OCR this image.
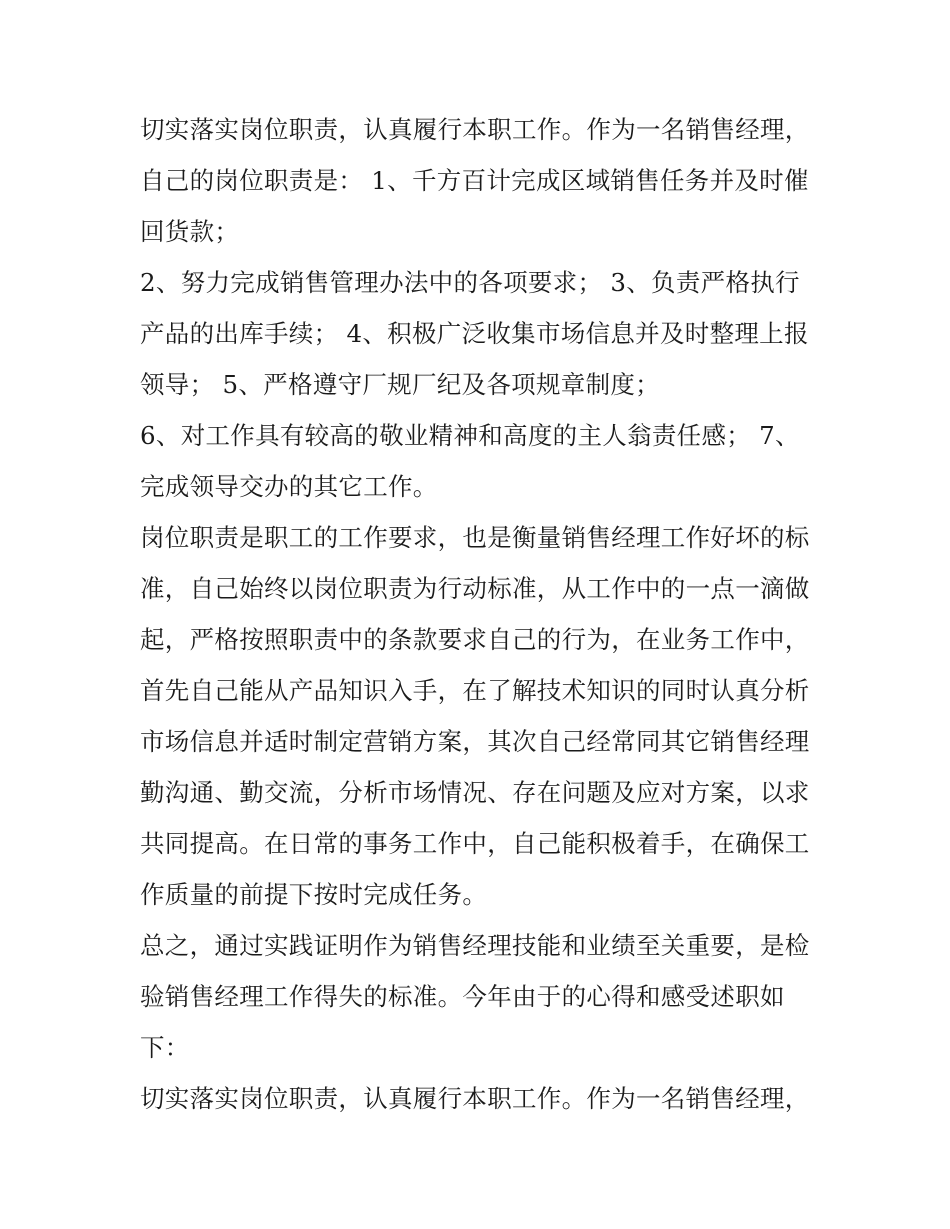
切实落实岗位职责，认真履行本职工作。作为一名销售经理，
自己的岗位职责是： 1、千方百计完成区域销售任务并及时催
回货款；
2、努力完成销售管理办法中的各项要求； 3、负责严格执行
产品的出库手续； 4、积极广泛收集市场信息并及时整理上报
领导； 5、严格遵守厂规厂纪及各项规章制度；
6、对工作具有较高的敬业精神和高度的主人翁责任感； 7、
完成领导交办的其它工作。
岗位职责是职工的工作要求，也是衡量销售经理工作好坏的标
准，自己始终以岗位职责为行动标准，从工作中的一点一滴做
起，严格按照职责中的条款要求自己的行为，在业务工作中，
首先自己能从产品知识入手，在了解技术知识的同时认真分析
市场信息并适时制定营销方案，其次自己经常同其它销售经理
勤沟通、勤交流，分析市场情况、存在问题及应对方案，以求
共同提高。在日常的事务工作中，自己能积极着手，在确保工
作质量的前提下按时完成任务。
总之，通过实践证明作为销售经理技能和业绩至关重要，是检
验销售经理工作得失的标准。今年由于的心得和感受述职如
下：
切实落实岗位职责，认真履行本职工作。作为一名销售经理，
